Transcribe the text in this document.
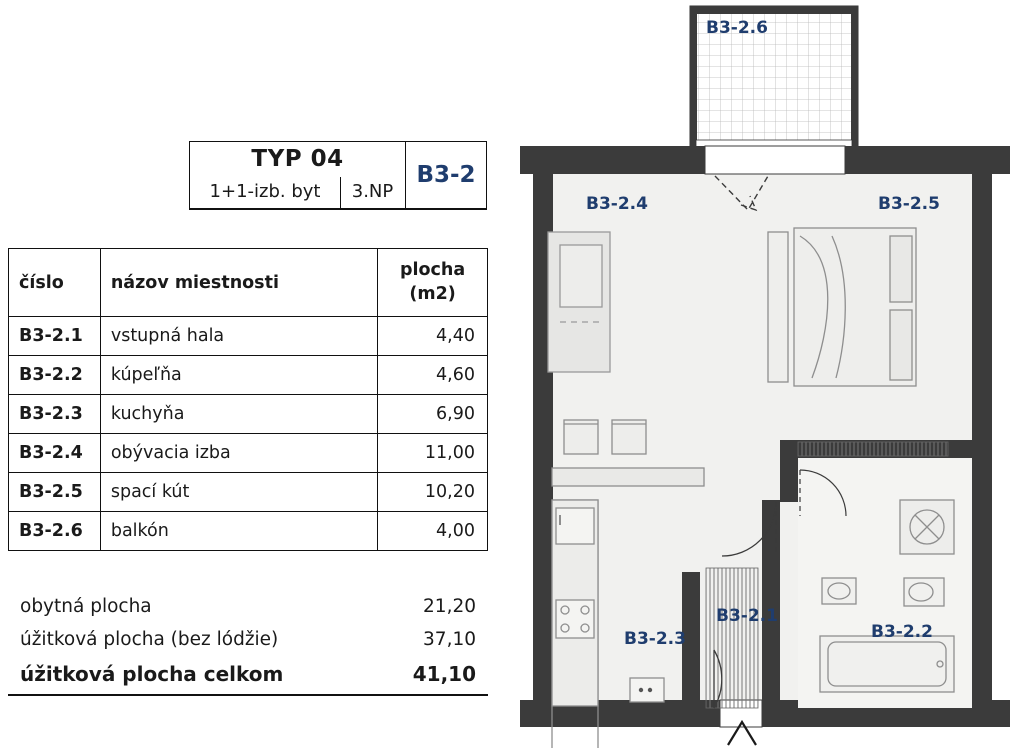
TYP 04
1+1-izb. byt	3.NP
B3-2
číslo	názov miestnosti	plocha
(m2)

B3-2.1	vstupná hala	4,40
B3-2.2	kúpeľňa	4,60
B3-2.3	kuchyňa	6,90
B3-2.4	obývacia izba	11,00
B3-2.5	spací kút	10,20
B3-2.6	balkón	4,00
obytná plocha	21,20
úžitková plocha (bez lódžie)	37,10
úžitková plocha celkom	41,10
B3-2.6
B3-2.4	B3-2.5
B3-2.3
B3-2.1
B3-2.2
